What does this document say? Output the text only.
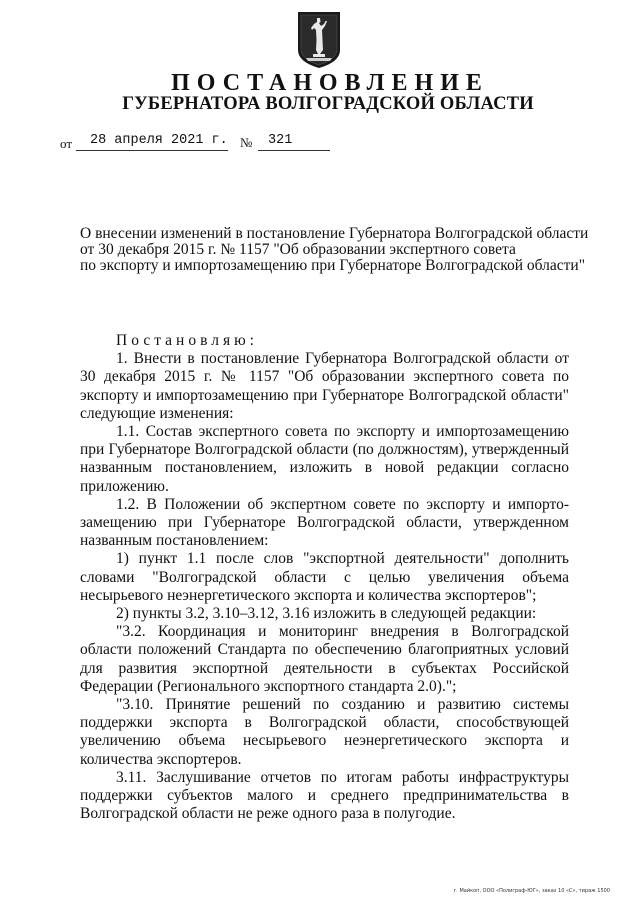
ПОСТАНОВЛЕНИЕ
ГУБЕРНАТОРА ВОЛГОГРАДСКОЙ ОБЛАСТИ
от	28 апреля 2021 г. №	321
О внесении изменений в постановление Губернатора Волгоградской области
от 30 декабря 2015 г. № 1157 "Об образовании экспертного совета
по экспорту и импортозамещению при Губернаторе Волгоградской области"

Постановляю:

1. Внести в постановление Губернатора Волгоградской области от 30 декабря 2015 г. № 1157 "Об образовании экспертного совета по экспорту и импортозамещению при Губернаторе Волгоградской области" следующие изменения:

1.1. Состав экспертного совета по экспорту и импортозамещению при Губернаторе Волгоградской области (по должностям), утвержденный названным постановлением, изложить в новой редакции согласно приложению.

1.2. В Положении об экспертном совете по экспорту и импорто-замещению при Губернаторе Волгоградской области, утвержденном названным постановлением:

1) пункт 1.1 после слов "экспортной деятельности" дополнить словами "Волгоградской области с целью увеличения объема несырьевого неэнергетического экспорта и количества экспортеров";

2) пункты 3.2, 3.10–3.12, 3.16 изложить в следующей редакции:

"3.2. Координация и мониторинг внедрения в Волгоградской области положений Стандарта по обеспечению благоприятных условий для развития экспортной деятельности в субъектах Российской Федерации (Регионального экспортного стандарта 2.0).";

"3.10. Принятие решений по созданию и развитию системы поддержки экспорта в Волгоградской области, способствующей увеличению объема несырьевого неэнергетического экспорта и количества экспортеров.

3.11. Заслушивание отчетов по итогам работы инфраструктуры поддержки субъектов малого и среднего предпринимательства в Волгоградской области не реже одного раза в полугодие.

г. Майкоп, ООО «Полиграф-ЮГ», заказ 10 «С», тираж 1500
